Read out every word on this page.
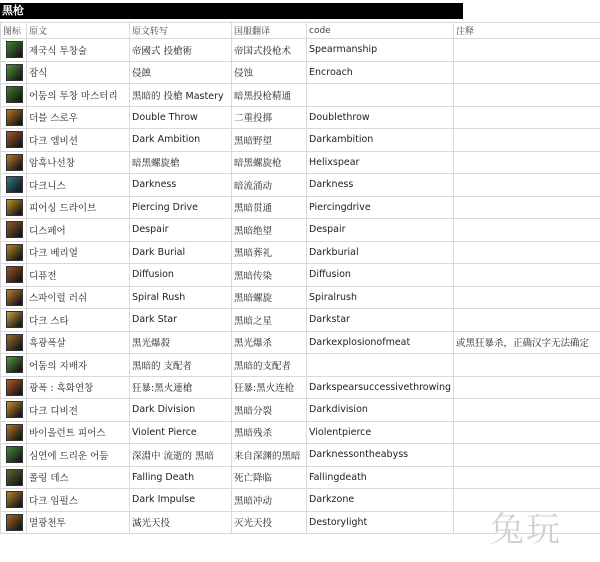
黑枪
图标	原文	原文转写	国服翻译	code	注释

	제국식 투창술	帝國式 投槍術	帝国式投枪术	Spearmanship	

	잠식	侵蝕	侵蚀	Encroach	

	어둠의 투창 마스터리	黑暗的 投槍 Mastery	暗黑投枪精通		

	더블 스로우	Double Throw	二重投掷	Doublethrow	

	다크 엠비션	Dark Ambition	黑暗野望	Darkambition	

	암흑나선창	暗黑螺旋槍	暗黑螺旋枪	Helixspear	

	다크니스	Darkness	暗流涌动	Darkness	

	피어싱 드라이브	Piercing Drive	黑暗贯通	Piercingdrive	

	디스페어	Despair	黑暗绝望	Despair	

	다크 베리얼	Dark Burial	黑暗葬礼	Darkburial	

	디퓨전	Diffusion	黑暗传染	Diffusion	

	스파이럴 러쉬	Spiral Rush	黑暗螺旋	Spiralrush	

	다크 스타	Dark Star	黑暗之星	Darkstar	

	흑광폭살	黑光爆殺	黑光爆杀	Darkexplosionofmeat	或黑狂暴杀，正确汉字无法确定

	어둠의 지배자	黑暗的 支配者	黑暗的支配者		

	광폭 : 흑화연창	狂暴:黑火連槍	狂暴:黑火连枪	Darkspearsuccessivethrowing	

	다크 디비전	Dark Division	黑暗分裂	Darkdivision	

	바이올런트 피어스	Violent Pierce	黑暗残杀	Violentpierce	

	심연에 드리운 어둠	深淵中 流逝的 黑暗	来自深渊的黑暗	Darknessontheabyss	

	폴링 데스	Falling Death	死亡降临	Fallingdeath	

	다크 임펄스	Dark Impulse	黑暗冲动	Darkzone	

	멸광천투	滅光天投	灭光天投	Destorylight		兔玩
